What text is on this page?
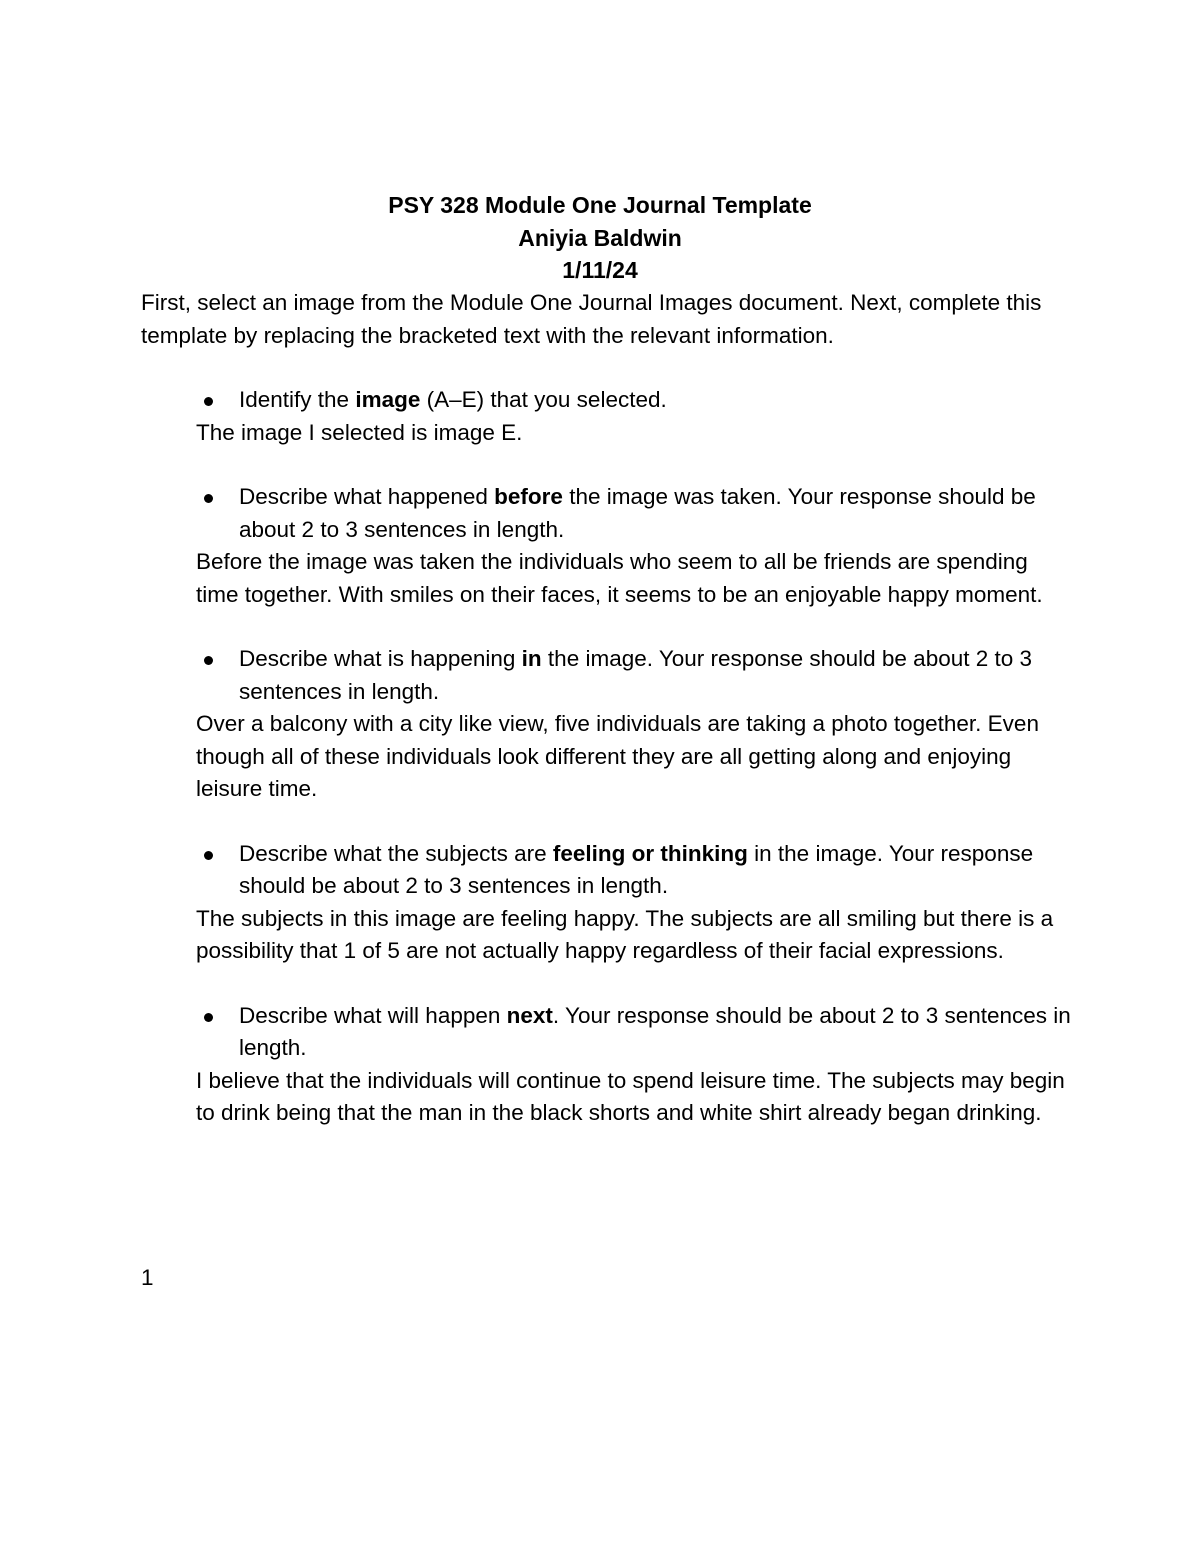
PSY 328 Module One Journal Template
Aniyia Baldwin
1/11/24
First, select an image from the Module One Journal Images document. Next, complete this template by replacing the bracketed text with the relevant information.
Identify the image (A–E) that you selected.
The image I selected is image E.
Describe what happened before the image was taken. Your response should be about 2 to 3 sentences in length.
Before the image was taken the individuals who seem to all be friends are spending time together. With smiles on their faces, it seems to be an enjoyable happy moment.
Describe what is happening in the image. Your response should be about 2 to 3 sentences in length.
Over a balcony with a city like view, five individuals are taking a photo together. Even though all of these individuals look different they are all getting along and enjoying leisure time.
Describe what the subjects are feeling or thinking in the image. Your response should be about 2 to 3 sentences in length.
The subjects in this image are feeling happy. The subjects are all smiling but there is a possibility that 1 of 5 are not actually happy regardless of their facial expressions.
Describe what will happen next. Your response should be about 2 to 3 sentences in length.
I believe that the individuals will continue to spend leisure time. The subjects may begin to drink being that the man in the black shorts and white shirt already began drinking.
1
